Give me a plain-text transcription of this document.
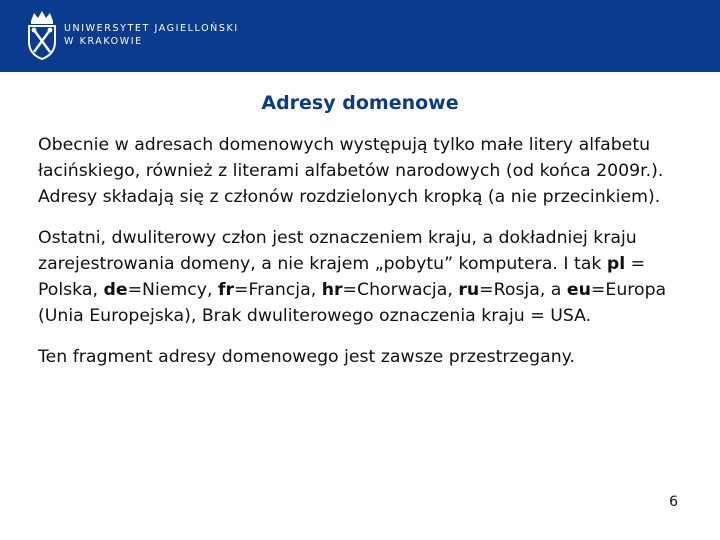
UNIWERSYTET JAGIELLOŃSKI
W KRAKOWIE
Adresy domenowe

Obecnie w adresach domenowych występują tylko małe litery alfabetu łacińskiego, również z literami alfabetów narodowych (od końca 2009r.). Adresy składają się z członów rozdzielonych kropką (a nie przecinkiem).

Ostatni, dwuliterowy człon jest oznaczeniem kraju, a dokładniej kraju zarejestrowania domeny, a nie krajem „pobytu” komputera. I tak pl = Polska, de=Niemcy, fr=Francja, hr=Chorwacja, ru=Rosja, a eu=Europa (Unia Europejska), Brak dwuliterowego oznaczenia kraju = USA.

Ten fragment adresy domenowego jest zawsze przestrzegany.

6
